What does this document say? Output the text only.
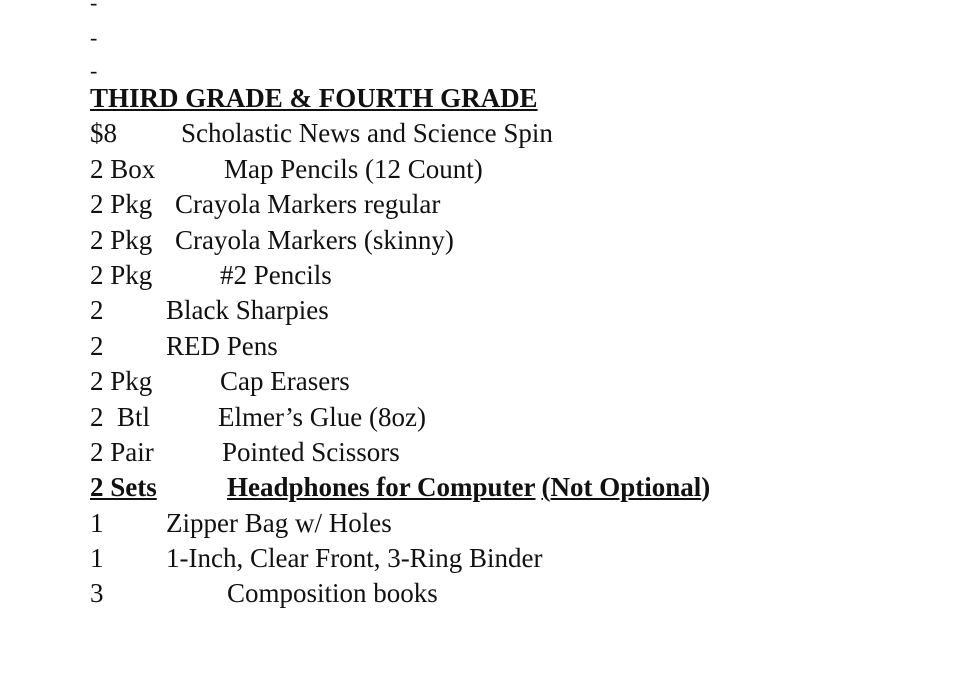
-
-
-
THIRD GRADE & FOURTH GRADE
$8 Scholastic News and Science Spin
2 Box	Map Pencils (12 Count)
2 Pkg Crayola Markers regular
2 Pkg Crayola Markers (skinny)
2 Pkg	#2 Pencils
2 Black Sharpies
2 RED Pens
2 Pkg	Cap Erasers
2  Btl	Elmer’s Glue (8oz)
2 Pair	Pointed Scissors
2 Sets	Headphones for Computer (Not Optional)
1 Zipper Bag w/ Holes
1 1-Inch, Clear Front, 3-Ring Binder
3	Composition books
